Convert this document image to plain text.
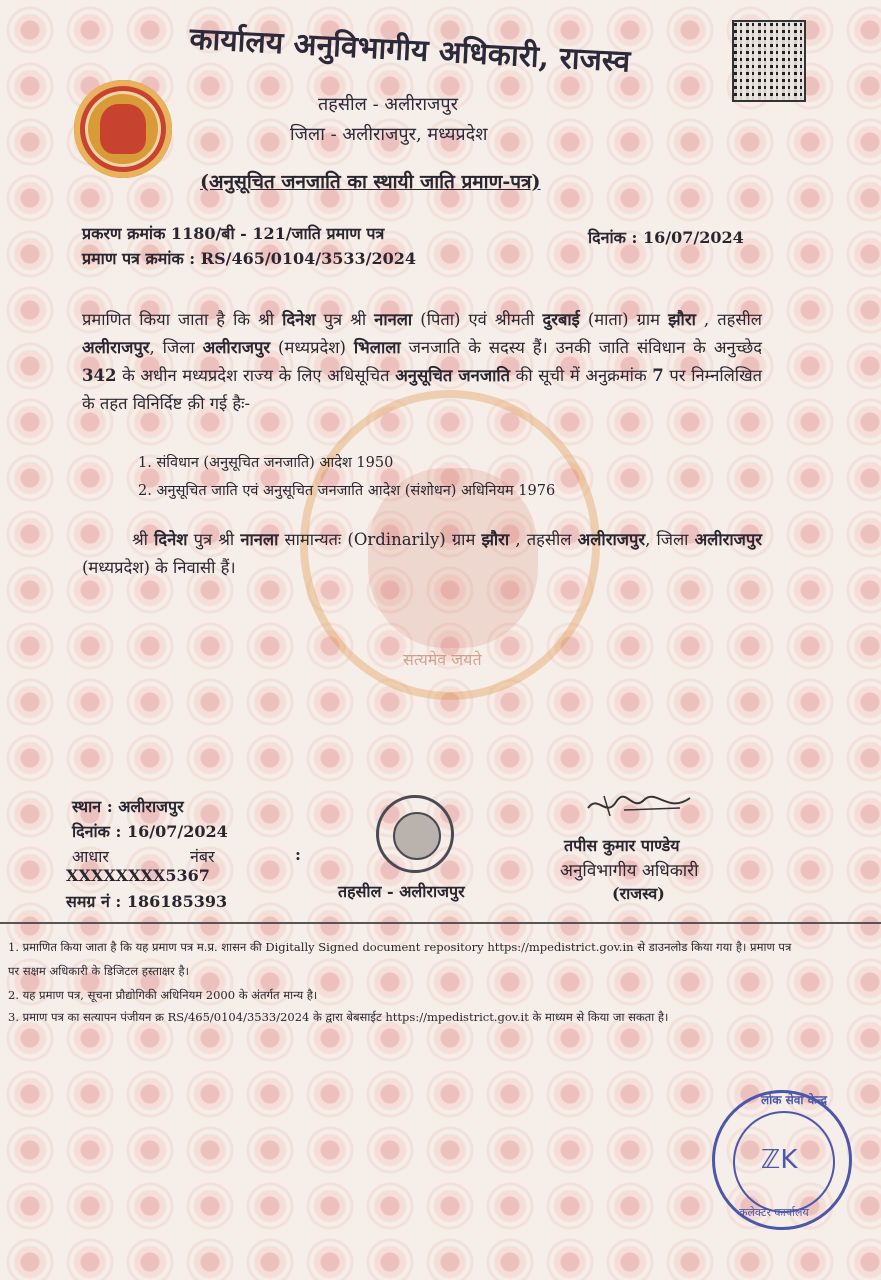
कार्यालय अनुविभागीय अधिकारी, राजस्व
तहसील - अलीराजपुर
जिला - अलीराजपुर, मध्यप्रदेश
(अनुसूचित जनजाति का स्थायी जाति प्रमाण-पत्र)
प्रकरण क्रमांक 1180/बी - 121/जाति प्रमाण पत्र
प्रमाण पत्र क्रमांक : RS/465/0104/3533/2024
दिनांक : 16/07/2024
सत्यमेव जयते
प्रमाणित किया जाता है कि श्री दिनेश पुत्र श्री नानला (पिता) एवं श्रीमती दुरबाई (माता) ग्राम झौरा , तहसील अलीराजपुर, जिला अलीराजपुर (मध्यप्रदेश) भिलाला जनजाति के सदस्य हैं। उनकी जाति संविधान के अनुच्छेद 342 के अधीन मध्यप्रदेश राज्य के लिए अधिसूचित अनुसूचित जनजाति की सूची में अनुक्रमांक 7 पर निम्नलिखित के तहत विनिर्दिष्ट क़ी गई हैः-
1. संविधान (अनुसूचित जनजाति) आदेश 1950
2. अनुसूचित जाति एवं अनुसूचित जनजाति आदेश (संशोधन) अधिनियम 1976
श्री दिनेश पुत्र श्री नानला सामान्यतः (Ordinarily) ग्राम झौरा , तहसील अलीराजपुर, जिला अलीराजपुर (मध्यप्रदेश) के निवासी हैं।
स्थान : अलीराजपुर
दिनांक : 16/07/2024
आधार	नंबर	:
XXXXXXXX5367
समग्र नं : 186185393
तहसील - अलीराजपुर
तपीस कुमार पाण्डेय
अनुविभागीय अधिकारी
(राजस्व)
1. प्रमाणित किया जाता है कि यह प्रमाण पत्र म.प्र. शासन की Digitally Signed document repository https://mpedistrict.gov.in से डाउनलोड किया गया है। प्रमाण पत्र
पर सक्षम अधिकारी के डिजिटल हस्ताक्षर है।
2. यह प्रमाण पत्र, सूचना प्रौद्योगिकी अधिनियम 2000 के अंतर्गत मान्य है।
3. प्रमाण पत्र का सत्यापन पंजीयन क्र RS/465/0104/3533/2024 के द्वारा बेबसाईट https://mpedistrict.gov.it के माध्यम से किया जा सकता है।
लोक सेवा केन्द्र
ℤK
कलेक्टर कार्यालय
